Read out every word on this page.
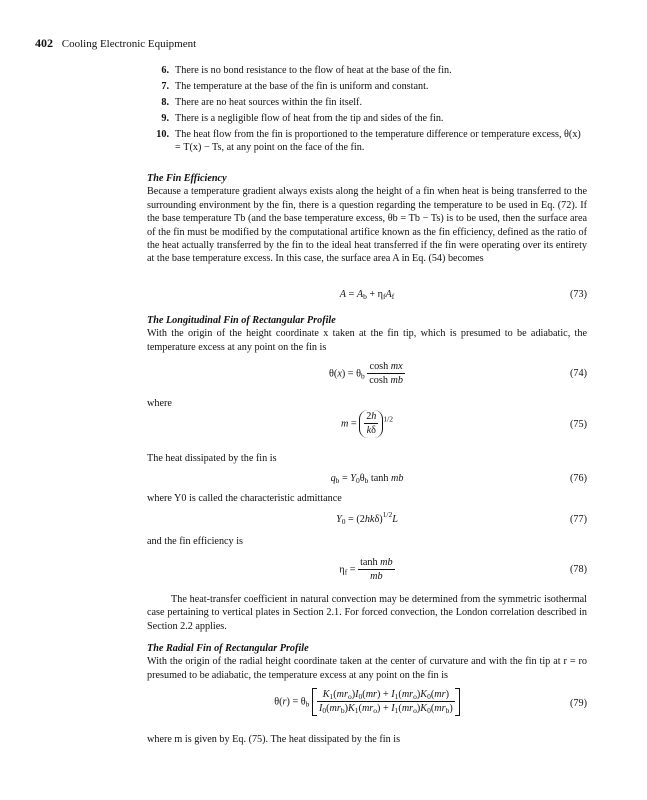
402 Cooling Electronic Equipment
6. There is no bond resistance to the flow of heat at the base of the fin.
7. The temperature at the base of the fin is uniform and constant.
8. There are no heat sources within the fin itself.
9. There is a negligible flow of heat from the tip and sides of the fin.
10. The heat flow from the fin is proportioned to the temperature difference or temperature excess, θ(x) = T(x) − Ts, at any point on the face of the fin.
The Fin Efficiency
Because a temperature gradient always exists along the height of a fin when heat is being transferred to the surrounding environment by the fin, there is a question regarding the temperature to be used in Eq. (72). If the base temperature Tb (and the base temperature excess, θb = Tb − Ts) is to be used, then the surface area of the fin must be modified by the computational artifice known as the fin efficiency, defined as the ratio of the heat actually transferred by the fin to the ideal heat transferred if the fin were operating over its entirety at the base temperature excess. In this case, the surface area A in Eq. (54) becomes
$A = A_b + \eta_fA_f$	(73)
The Longitudinal Fin of Rectangular Profile
With the origin of the height coordinate x taken at the fin tip, which is presumed to be adiabatic, the temperature excess at any point on the fin is
$\theta(x) = \theta_b \frac{\text{cosh mx}}{\text{cosh mb}}$	(74)
where
$m = \frac{2h}{k\delta} ^{1/2}$
(75)
The heat dissipated by the fin is
$q_b = Y_0\theta_b$ tanh mb	(76)
where Y0 is called the characteristic admittance
$Y_0 = (2hk\delta)^{1/2}L$	(77)
and the fin efficiency is
$\eta_f = \frac{\text{tanh mb}}{mb}$	(78)
The heat-transfer coefficient in natural convection may be determined from the symmetric isothermal case pertaining to vertical plates in Section 2.1. For forced convection, the London correlation described in Section 2.2 applies.
The Radial Fin of Rectangular Profile
With the origin of the radial height coordinate taken at the center of curvature and with the fin tip at r = ro presumed to be adiabatic, the temperature excess at any point on the fin is
$\theta(r) = \theta_b \frac{K_1(mr_o)I_0(mr) + I_1(mr_o)K_0(mr)}{I_0(mr_b)K_1(mr_o) + I_1(mr_o)K_0(mr_b)}$	(79)
where m is given by Eq. (75). The heat dissipated by the fin is
